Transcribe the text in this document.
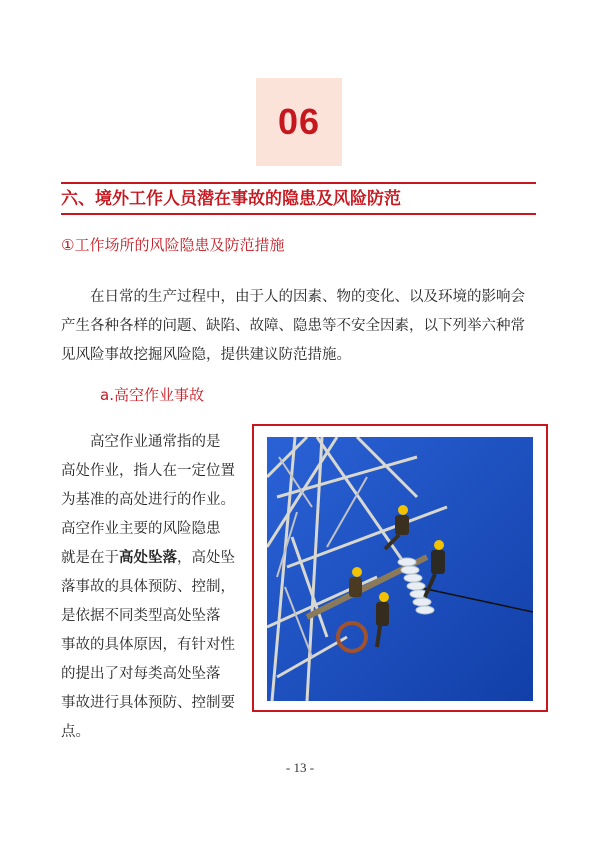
06
六、境外工作人员潜在事故的隐患及风险防范
①工作场所的风险隐患及防范措施
在日常的生产过程中，由于人的因素、物的变化、以及环境的影响会
产生各种各样的问题、缺陷、故障、隐患等不安全因素，以下列举六种常
见风险事故挖掘风险隐，提供建议防范措施。
a.高空作业事故
高空作业通常指的是
高处作业，指人在一定位置
为基准的高处进行的作业。
高空作业主要的风险隐患
就是在于高处坠落，高处坠
落事故的具体预防、控制，
是依据不同类型高处坠落
事故的具体原因，有针对性
的提出了对每类高处坠落
事故进行具体预防、控制要
点。
- 13 -
